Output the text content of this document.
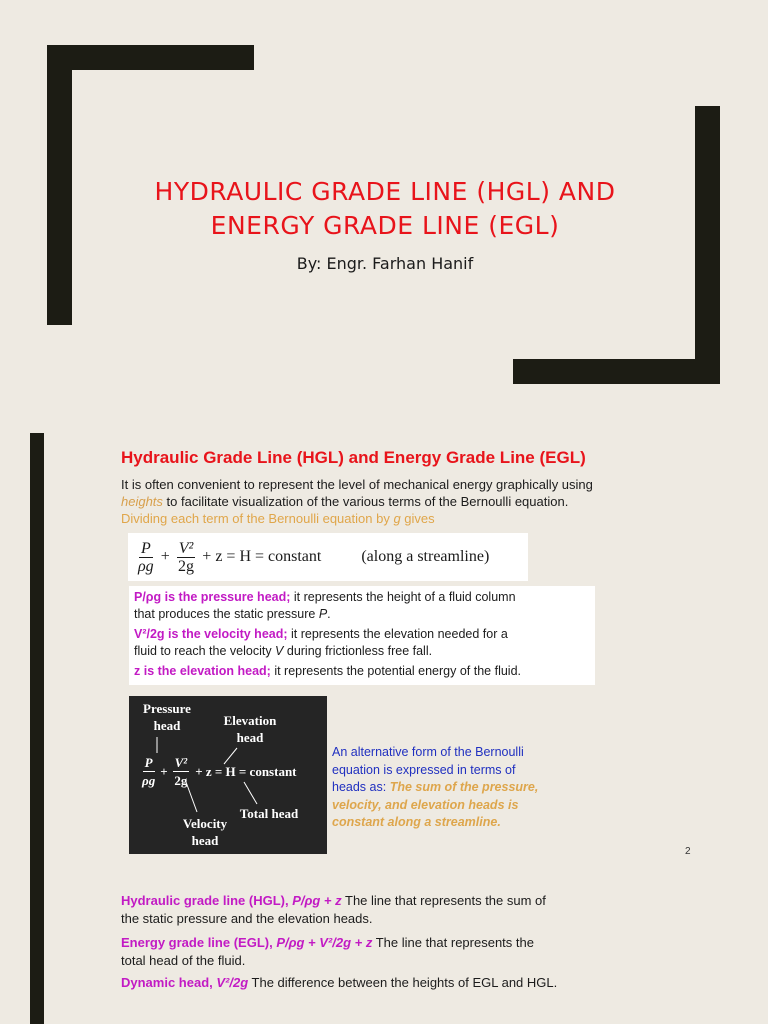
HYDRAULIC GRADE LINE (HGL) AND
ENERGY GRADE LINE (EGL)
By: Engr. Farhan Hanif
Hydraulic Grade Line (HGL) and Energy Grade Line (EGL)
It is often convenient to represent the level of mechanical energy graphically using
heights to facilitate visualization of the various terms of the Bernoulli equation.
Dividing each term of the Bernoulli equation by g gives
$\frac{P}{\rho g} + \frac{\text{V²}}{2g} + z = H$ = constant	(along a streamline)

P/ρg is the pressure head; it represents the height of a fluid column
that produces the static pressure P.

V²/2g is the velocity head; it represents the elevation needed for a
fluid to reach the velocity V during frictionless free fall.

z is the elevation head; it represents the potential energy of the fluid.

Pressure
head	Elevation
head
$\frac{P}{\rho g} + \frac{\text{V²}}{2g} + z = H$ = constant
Total head
Velocity
head
An alternative form of the Bernoulli equation is expressed in terms of heads as: The sum of the pressure, velocity, and elevation heads is constant along a streamline.
2
Hydraulic grade line (HGL), P/ρg + z The line that represents the sum of
the static pressure and the elevation heads.
Energy grade line (EGL), P/ρg + V²/2g + z The line that represents the
total head of the fluid.
Dynamic head, V²/2g The difference between the heights of EGL and HGL.
